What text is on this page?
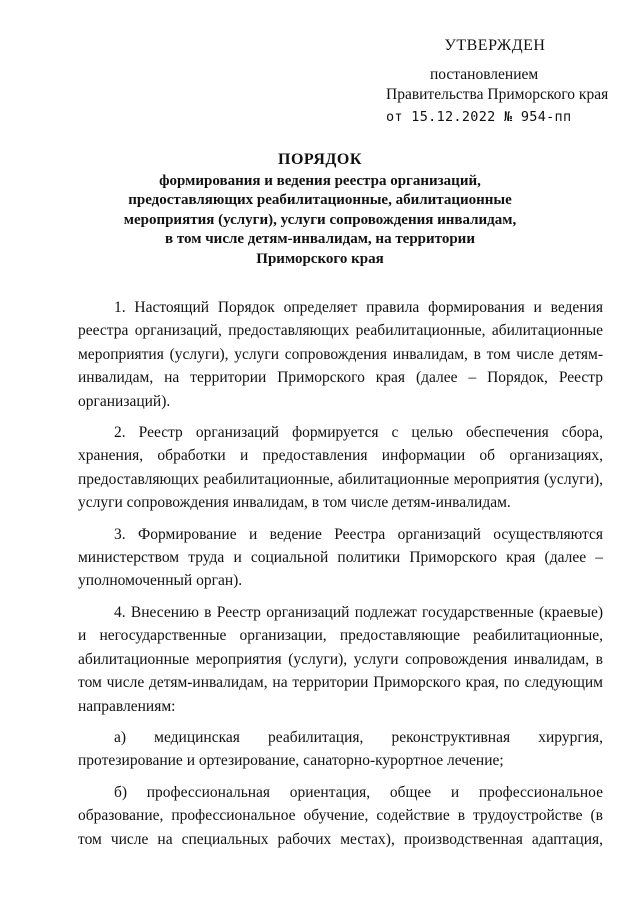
УТВЕРЖДЕН
постановлением
Правительства Приморского края
от 15.12.2022 № 954-пп
ПОРЯДОК
формирования и ведения реестра организаций,
предоставляющих реабилитационные, абилитационные
мероприятия (услуги), услуги сопровождения инвалидам,
в том числе детям-инвалидам, на территории
Приморского края

1. Настоящий Порядок определяет правила формирования и ведения реестра организаций, предоставляющих реабилитационные, абилитационные мероприятия (услуги), услуги сопровождения инвалидам, в том числе детям-инвалидам, на территории Приморского края (далее – Порядок, Реестр организаций).

2. Реестр организаций формируется с целью обеспечения сбора, хранения, обработки и предоставления информации об организациях, предоставляющих реабилитационные, абилитационные мероприятия (услуги), услуги сопровождения инвалидам, в том числе детям-инвалидам.

3. Формирование и ведение Реестра организаций осуществляются министерством труда и социальной политики Приморского края (далее – уполномоченный орган).

4. Внесению в Реестр организаций подлежат государственные (краевые) и негосударственные организации, предоставляющие реабилитационные, абилитационные мероприятия (услуги), услуги сопровождения инвалидам, в том числе детям-инвалидам, на территории Приморского края, по следующим направлениям:

а) медицинская реабилитация, реконструктивная хирургия, протезирование и ортезирование, санаторно-курортное лечение;

б) профессиональная ориентация, общее и профессиональное образование, профессиональное обучение, содействие в трудоустройстве (в том числе на специальных рабочих местах), производственная адаптация,
